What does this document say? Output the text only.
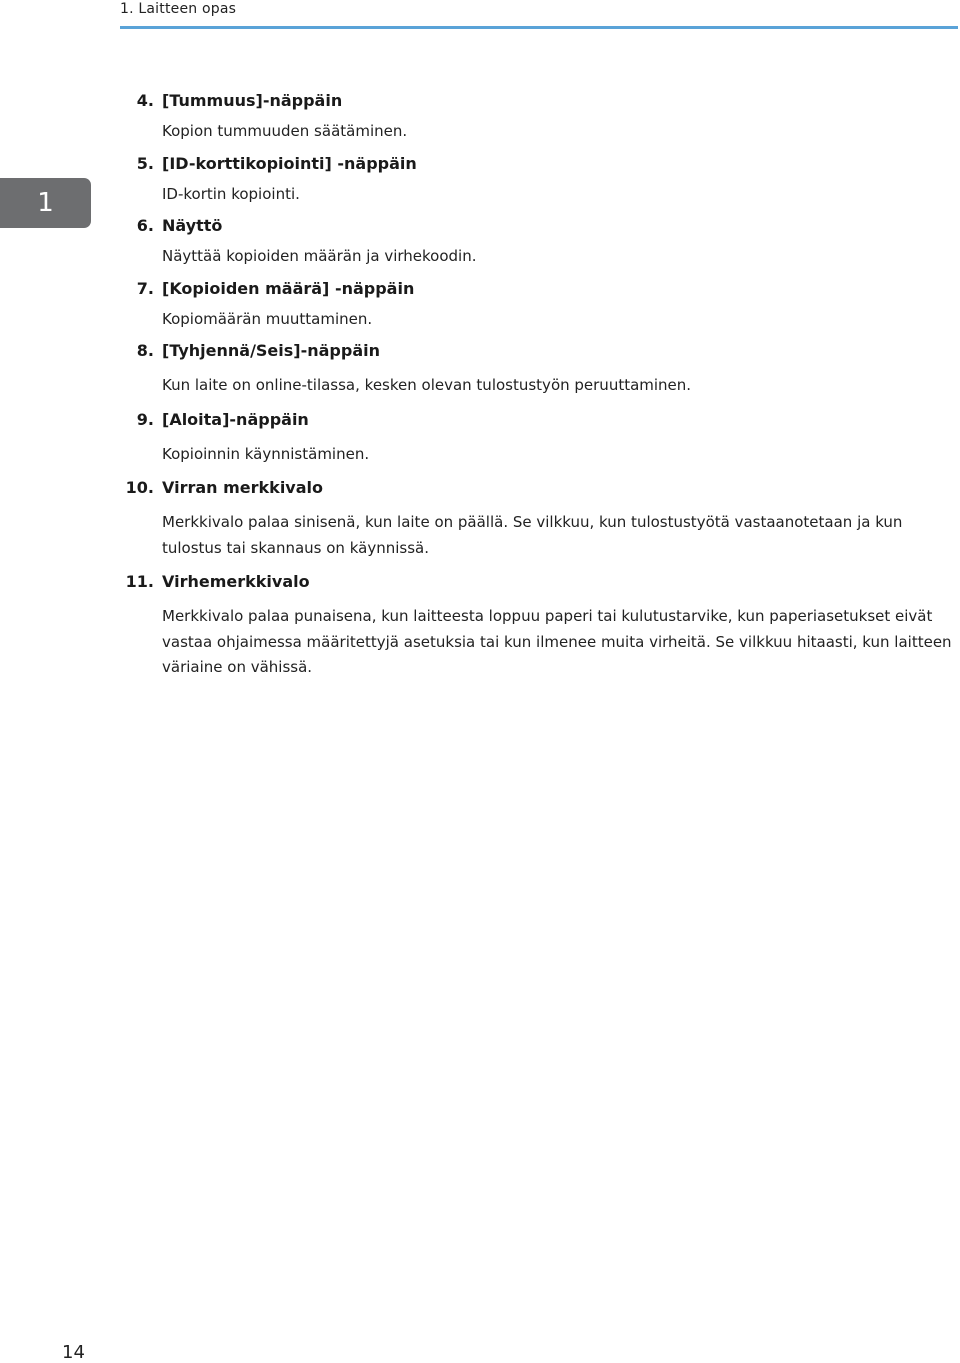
1. Laitteen opas
1
4. [Tummuus]-näppäin
Kopion tummuuden säätäminen.
5. [ID-korttikopiointi] -näppäin
ID-kortin kopiointi.
6. Näyttö
Näyttää kopioiden määrän ja virhekoodin.
7. [Kopioiden määrä] -näppäin
Kopiomäärän muuttaminen.
8. [Tyhjennä/Seis]-näppäin
Kun laite on online-tilassa, kesken olevan tulostustyön peruuttaminen.
9. [Aloita]-näppäin
Kopioinnin käynnistäminen.
10. Virran merkkivalo
Merkkivalo palaa sinisenä, kun laite on päällä. Se vilkkuu, kun tulostustyötä vastaanotetaan ja kun tulostus tai skannaus on käynnissä.
11. Virhemerkkivalo
Merkkivalo palaa punaisena, kun laitteesta loppuu paperi tai kulutustarvike, kun paperiasetukset eivät vastaa ohjaimessa määritettyjä asetuksia tai kun ilmenee muita virheitä. Se vilkkuu hitaasti, kun laitteen väriaine on vähissä.
14
